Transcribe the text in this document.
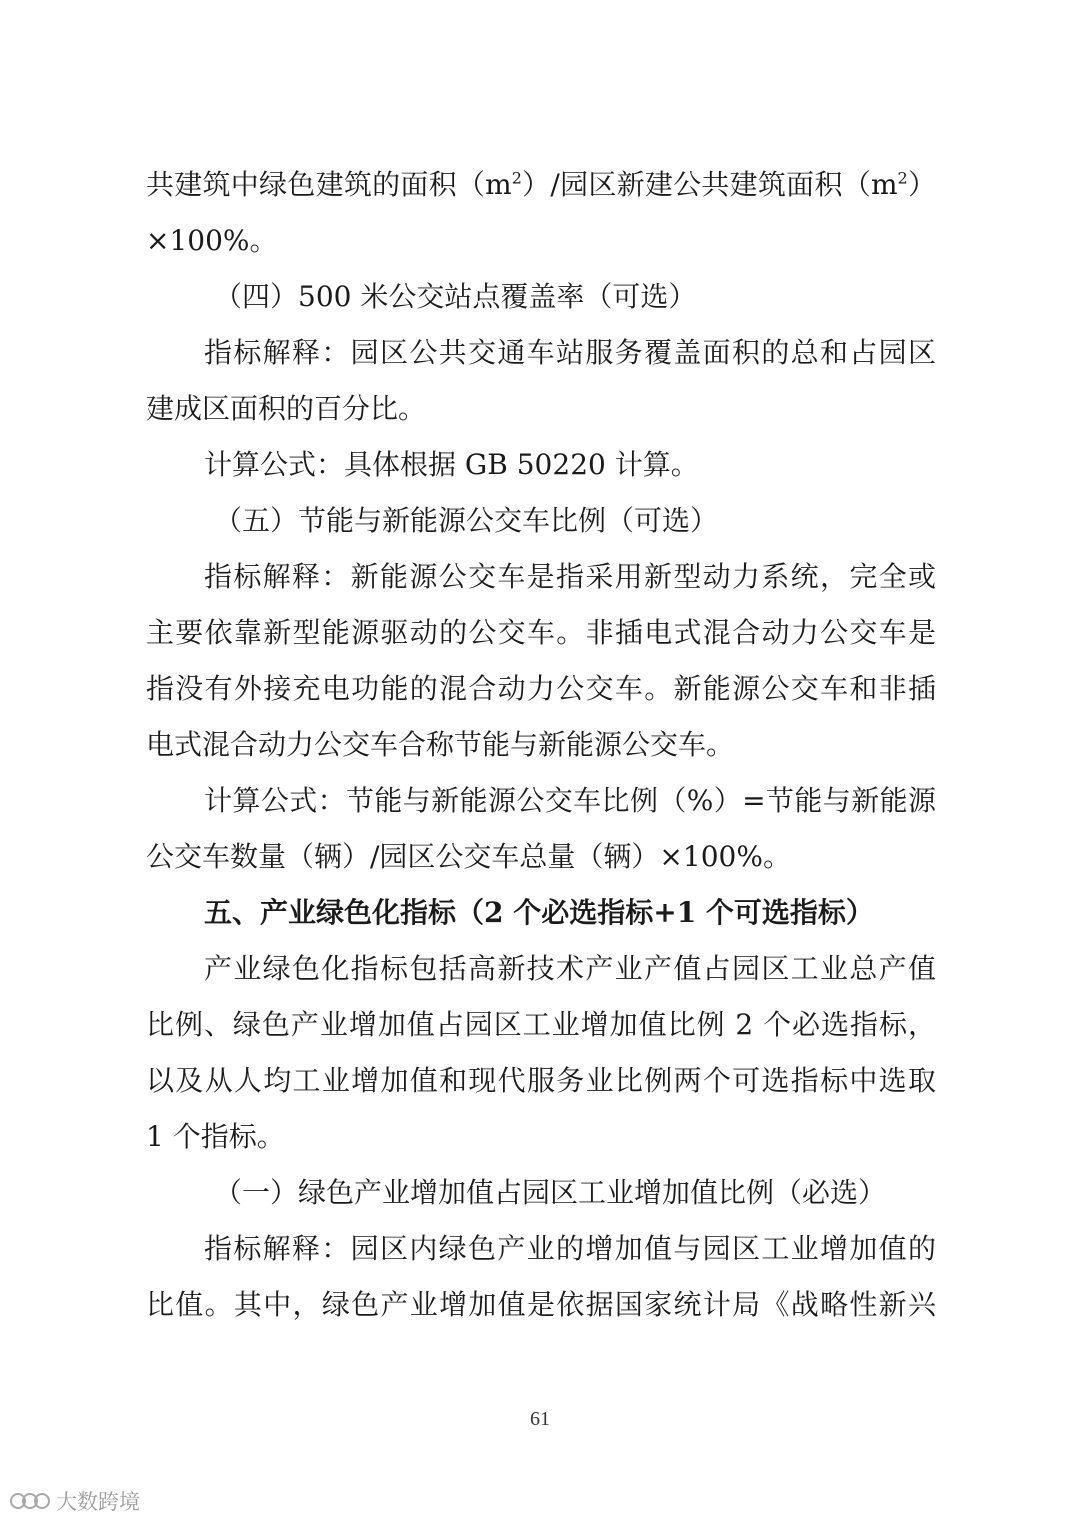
共建筑中绿色建筑的面积$(m^2)/$园区新建公共建筑面积$(m^2)$
×100%。
（四）500 米公交站点覆盖率（可选）
指标解释：园区公共交通车站服务覆盖面积的总和占园区
建成区面积的百分比。
计算公式：具体根据 GB 50220 计算。
（五）节能与新能源公交车比例（可选）
指标解释：新能源公交车是指采用新型动力系统，完全或
主要依靠新型能源驱动的公交车。非插电式混合动力公交车是
指没有外接充电功能的混合动力公交车。新能源公交车和非插
电式混合动力公交车合称节能与新能源公交车。
计算公式：节能与新能源公交车比例（%）=节能与新能源
公交车数量（辆）/园区公交车总量（辆）×100%。
五、产业绿色化指标（2 个必选指标+1 个可选指标）
产业绿色化指标包括高新技术产业产值占园区工业总产值
比例、绿色产业增加值占园区工业增加值比例 2 个必选指标，
以及从人均工业增加值和现代服务业比例两个可选指标中选取
1 个指标。
（一）绿色产业增加值占园区工业增加值比例（必选）
指标解释：园区内绿色产业的增加值与园区工业增加值的
比值。其中，绿色产业增加值是依据国家统计局《战略性新兴
61
大数跨境
